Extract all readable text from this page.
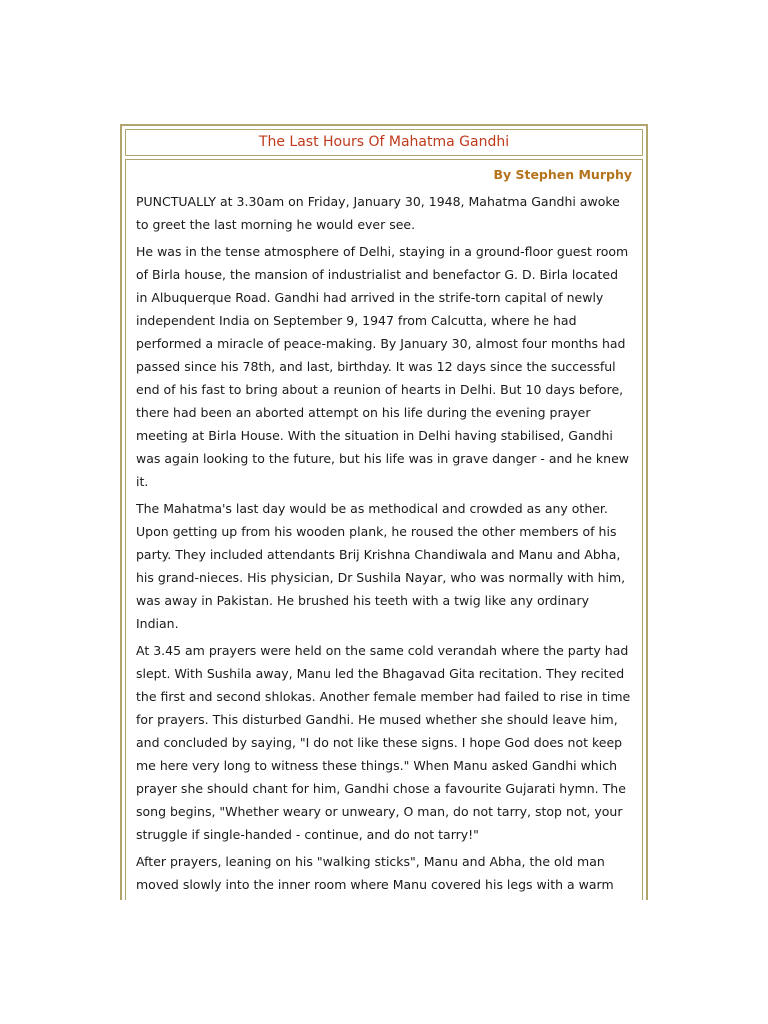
The Last Hours Of Mahatma Gandhi
By Stephen Murphy

PUNCTUALLY at 3.30am on Friday, January 30, 1948, Mahatma Gandhi awoke to greet the last morning he would ever see.

He was in the tense atmosphere of Delhi, staying in a ground-floor guest room of Birla house, the mansion of industrialist and benefactor G. D. Birla located in Albuquerque Road. Gandhi had arrived in the strife-torn capital of newly independent India on September 9, 1947 from Calcutta, where he had performed a miracle of peace-making. By January 30, almost four months had passed since his 78th, and last, birthday. It was 12 days since the successful end of his fast to bring about a reunion of hearts in Delhi. But 10 days before, there had been an aborted attempt on his life during the evening prayer meeting at Birla House. With the situation in Delhi having stabilised, Gandhi was again looking to the future, but his life was in grave danger - and he knew it.

The Mahatma's last day would be as methodical and crowded as any other. Upon getting up from his wooden plank, he roused the other members of his party. They included attendants Brij Krishna Chandiwala and Manu and Abha, his grand-nieces. His physician, Dr Sushila Nayar, who was normally with him, was away in Pakistan. He brushed his teeth with a twig like any ordinary Indian.

At 3.45 am prayers were held on the same cold verandah where the party had slept. With Sushila away, Manu led the Bhagavad Gita recitation. They recited the first and second shlokas. Another female member had failed to rise in time for prayers. This disturbed Gandhi. He mused whether she should leave him, and concluded by saying, "I do not like these signs. I hope God does not keep me here very long to witness these things." When Manu asked Gandhi which prayer she should chant for him, Gandhi chose a favourite Gujarati hymn. The song begins, "Whether weary or unweary, O man, do not tarry, stop not, your struggle if single-handed - continue, and do not tarry!"

After prayers, leaning on his "walking sticks", Manu and Abha, the old man moved slowly into the inner room where Manu covered his legs with a warm
